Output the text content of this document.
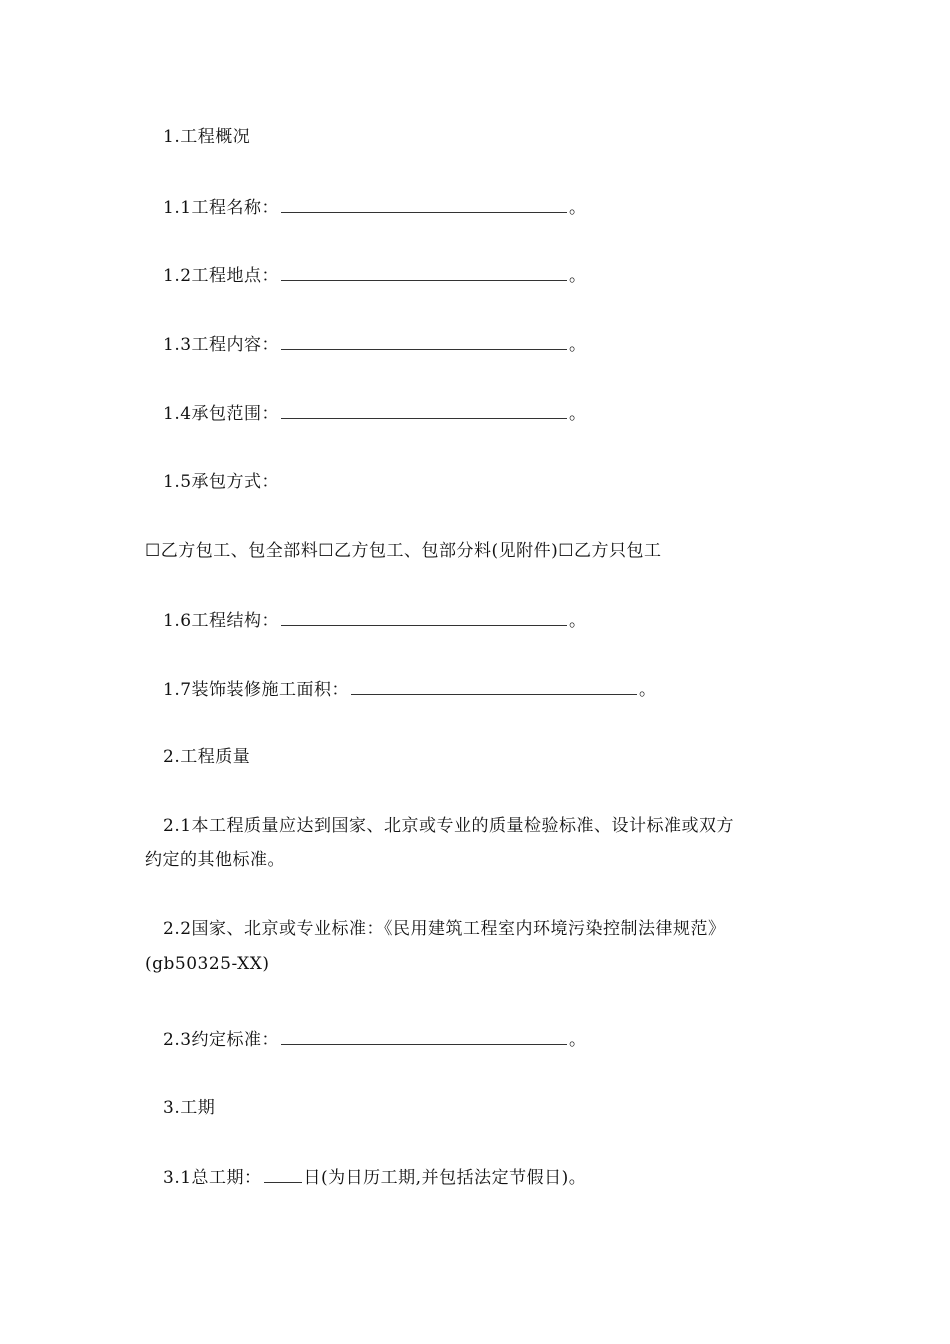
1.工程概况
1.1工程名称：	。
1.2工程地点：	。
1.3工程内容：	。
1.4承包范围：	。
1.5承包方式：
☐乙方包工、包全部料☐乙方包工、包部分料(见附件)☐乙方只包工
1.6工程结构：	。
1.7装饰装修施工面积：	。
2.工程质量
2.1本工程质量应达到国家、北京或专业的质量检验标准、设计标准或双方
约定的其他标准。
2.2国家、北京或专业标准：《民用建筑工程室内环境污染控制法律规范》
(gb50325-XX)
2.3约定标准：	。
3.工期
3.1总工期： 日(为日历工期,并包括法定节假日)。
